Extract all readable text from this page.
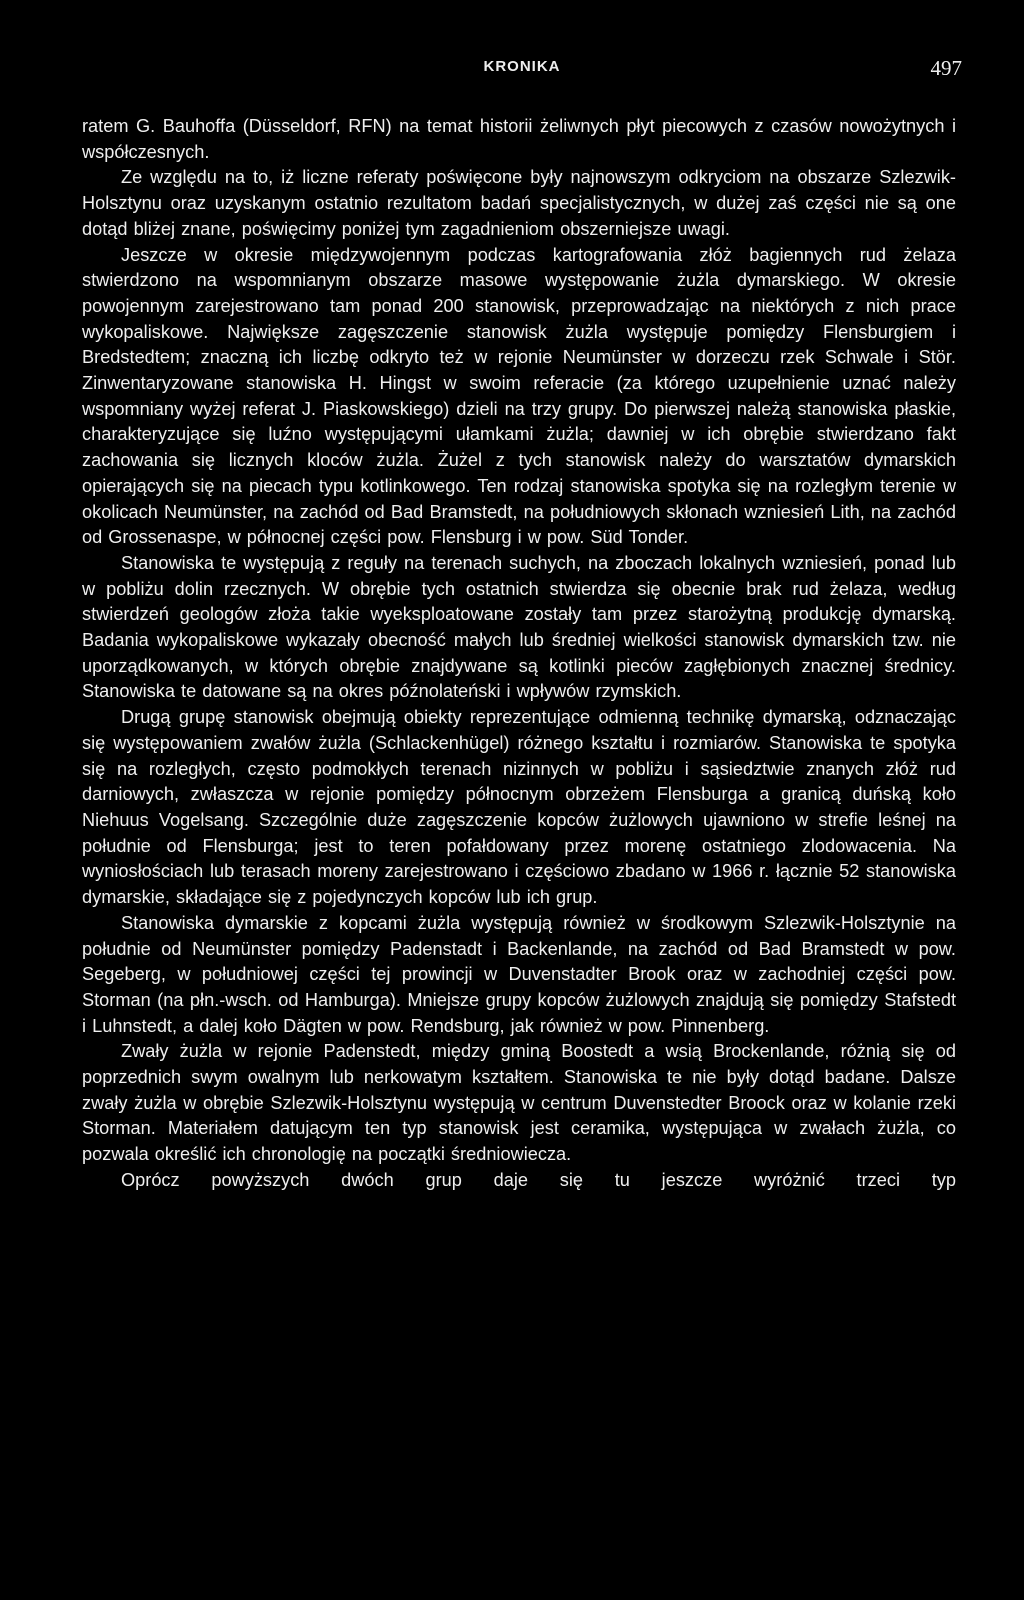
KRONIKA	497

ratem G. Bauhoffa (Düsseldorf, RFN) na temat historii żeliwnych płyt piecowych z czasów nowożytnych i współczesnych.

Ze względu na to, iż liczne referaty poświęcone były najnowszym odkryciom na obszarze Szlezwik-Holsztynu oraz uzyskanym ostatnio rezultatom badań specjalistycznych, w dużej zaś części nie są one dotąd bliżej znane, poświęcimy poniżej tym zagadnieniom obszerniejsze uwagi.

Jeszcze w okresie międzywojennym podczas kartografowania złóż bagiennych rud żelaza stwierdzono na wspomnianym obszarze masowe występowanie żużla dymarskiego. W okresie powojennym zarejestrowano tam ponad 200 stanowisk, przeprowadzając na niektórych z nich prace wykopaliskowe. Największe zagęszczenie stanowisk żużla występuje pomiędzy Flensburgiem i Bredstedtem; znaczną ich liczbę odkryto też w rejonie Neumünster w dorzeczu rzek Schwale i Stör. Zinwentaryzowane stanowiska H. Hingst w swoim referacie (za którego uzupełnienie uznać należy wspomniany wyżej referat J. Piaskowskiego) dzieli na trzy grupy. Do pierwszej należą stanowiska płaskie, charakteryzujące się luźno występującymi ułamkami żużla; dawniej w ich obrębie stwierdzano fakt zachowania się licznych kloców żużla. Żużel z tych stanowisk należy do warsztatów dymarskich opierających się na piecach typu kotlinkowego. Ten rodzaj stanowiska spotyka się na rozległym terenie w okolicach Neumünster, na zachód od Bad Bramstedt, na południowych skłonach wzniesień Lith, na zachód od Grossenaspe, w północnej części pow. Flensburg i w pow. Süd Tonder.

Stanowiska te występują z reguły na terenach suchych, na zboczach lokalnych wzniesień, ponad lub w pobliżu dolin rzecznych. W obrębie tych ostatnich stwierdza się obecnie brak rud żelaza, według stwierdzeń geologów złoża takie wyeksploatowane zostały tam przez starożytną produkcję dymarską. Badania wykopaliskowe wykazały obecność małych lub średniej wielkości stanowisk dymarskich tzw. nie uporządkowanych, w których obrębie znajdywane są kotlinki pieców zagłębionych znacznej średnicy. Stanowiska te datowane są na okres późnolateński i wpływów rzymskich.

Drugą grupę stanowisk obejmują obiekty reprezentujące odmienną technikę dymarską, odznaczając się występowaniem zwałów żużla (Schlackenhügel) różnego kształtu i rozmiarów. Stanowiska te spotyka się na rozległych, często podmokłych terenach nizinnych w pobliżu i sąsiedztwie znanych złóż rud darniowych, zwłaszcza w rejonie pomiędzy północnym obrzeżem Flensburga a granicą duńską koło Niehuus Vogelsang. Szczególnie duże zagęszczenie kopców żużlowych ujawniono w strefie leśnej na południe od Flensburga; jest to teren pofałdowany przez morenę ostatniego zlodowacenia. Na wyniosłościach lub terasach moreny zarejestrowano i częściowo zbadano w 1966 r. łącznie 52 stanowiska dymarskie, składające się z pojedynczych kopców lub ich grup.

Stanowiska dymarskie z kopcami żużla występują również w środkowym Szlezwik-Holsztynie na południe od Neumünster pomiędzy Padenstadt i Backenlande, na zachód od Bad Bramstedt w pow. Segeberg, w południowej części tej prowincji w Duvenstadter Brook oraz w zachodniej części pow. Storman (na płn.-wsch. od Hamburga). Mniejsze grupy kopców żużlowych znajdują się pomiędzy Stafstedt i Luhnstedt, a dalej koło Dägten w pow. Rendsburg, jak również w pow. Pinnenberg.

Zwały żużla w rejonie Padenstedt, między gminą Boostedt a wsią Brockenlande, różnią się od poprzednich swym owalnym lub nerkowatym kształtem. Stanowiska te nie były dotąd badane. Dalsze zwały żużla w obrębie Szlezwik-Holsztynu występują w centrum Duvenstedter Broock oraz w kolanie rzeki Storman. Materiałem datującym ten typ stanowisk jest ceramika, występująca w zwałach żużla, co pozwala określić ich chronologię na początki średniowiecza.

Oprócz powyższych dwóch grup daje się tu jeszcze wyróżnić trzeci typ
